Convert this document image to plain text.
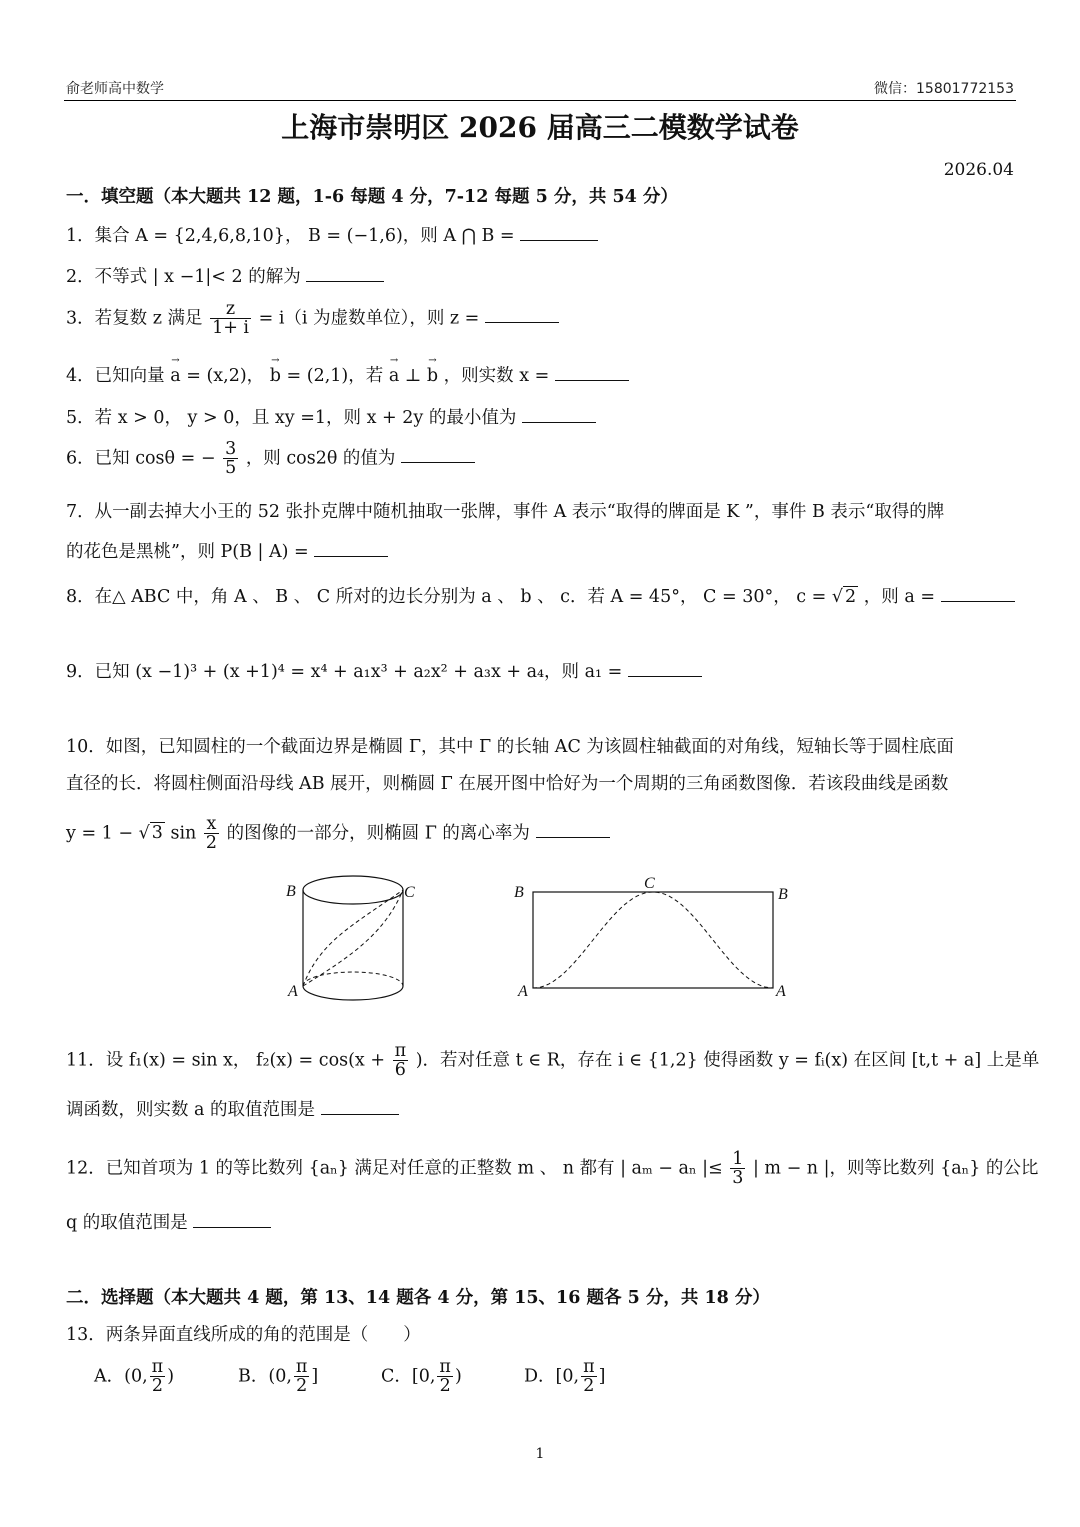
俞老师高中数学	微信：15801772153
上海市崇明区 2026 届高三二模数学试卷
2026.04
一．填空题（本大题共 12 题，1-6 每题 4 分，7-12 每题 5 分，共 54 分）
1．集合 A = {2,4,6,8,10}， B = (−1,6)，则 A ⋂ B =
2．不等式 | x −1|< 2 的解为
3．若复数 z 满足 $\frac{z}{1+ i} = i(i$ 为虚数单位），则 z =
4．已知向量 → a = (x,2)， → b = (2,1)，若 → a ⊥ → b ，则实数 x =
5．若 x > 0， y > 0，且 xy =1，则 x + 2y 的最小值为
6．已知 cosθ = − $\frac{3}{5}$ ，则 cos2θ 的值为
7．从一副去掉大小王的 52 张扑克牌中随机抽取一张牌，事件 A 表示“取得的牌面是 K ”，事件 B 表示“取得的牌
的花色是黑桃”，则 P(B | A) =
8．在△ ABC 中，角 A 、 B 、 C 所对的边长分别为 a 、 b 、 c．若 A = 45°， C = 30°， c = √ 2 ，则 a =
9．已知 (x −1)³ + (x +1)⁴ = x⁴ + a₁x³ + a₂x² + a₃x + a₄，则 a₁ =
10．如图，已知圆柱的一个截面边界是椭圆 Γ，其中 Γ 的长轴 AC 为该圆柱轴截面的对角线，短轴长等于圆柱底面
直径的长．将圆柱侧面沿母线 AB 展开，则椭圆 Γ 在展开图中恰好为一个周期的三角函数图像．若该段曲线是函数
y = 1 − √ 3 $\sin \frac{x}{2}$ 的图像的一部分，则椭圆 Γ 的离心率为
B	C
A
B
C
B
A	A
11．设 f₁(x) = sin x， $f_2(x) = \cos(x + \frac{\pi}{6}$ )．若对任意 t ∈ R，存在 i ∈ {1,2} 使得函数 y = fᵢ(x) 在区间 [t,t + a] 上是单
调函数，则实数 a 的取值范围是
12．已知首项为 1 的等比数列 {aₙ} 满足对任意的正整数 m 、 n 都有 | aₘ − aₙ |≤ $\frac{1}{3}$ | m − n |，则等比数列 {aₙ} 的公比
q 的取值范围是
二．选择题（本大题共 4 题，第 13、14 题各 4 分，第 15、16 题各 5 分，共 18 分）
13．两条异面直线所成的角的范围是（　　）
A．(0, $\frac{\pi}{2}$ )	B．(0, $\frac{\pi}{2}$ ]	C．[0, $\frac{\pi}{2}$ )	D．[0, $\frac{\pi}{2}$ ]
1
